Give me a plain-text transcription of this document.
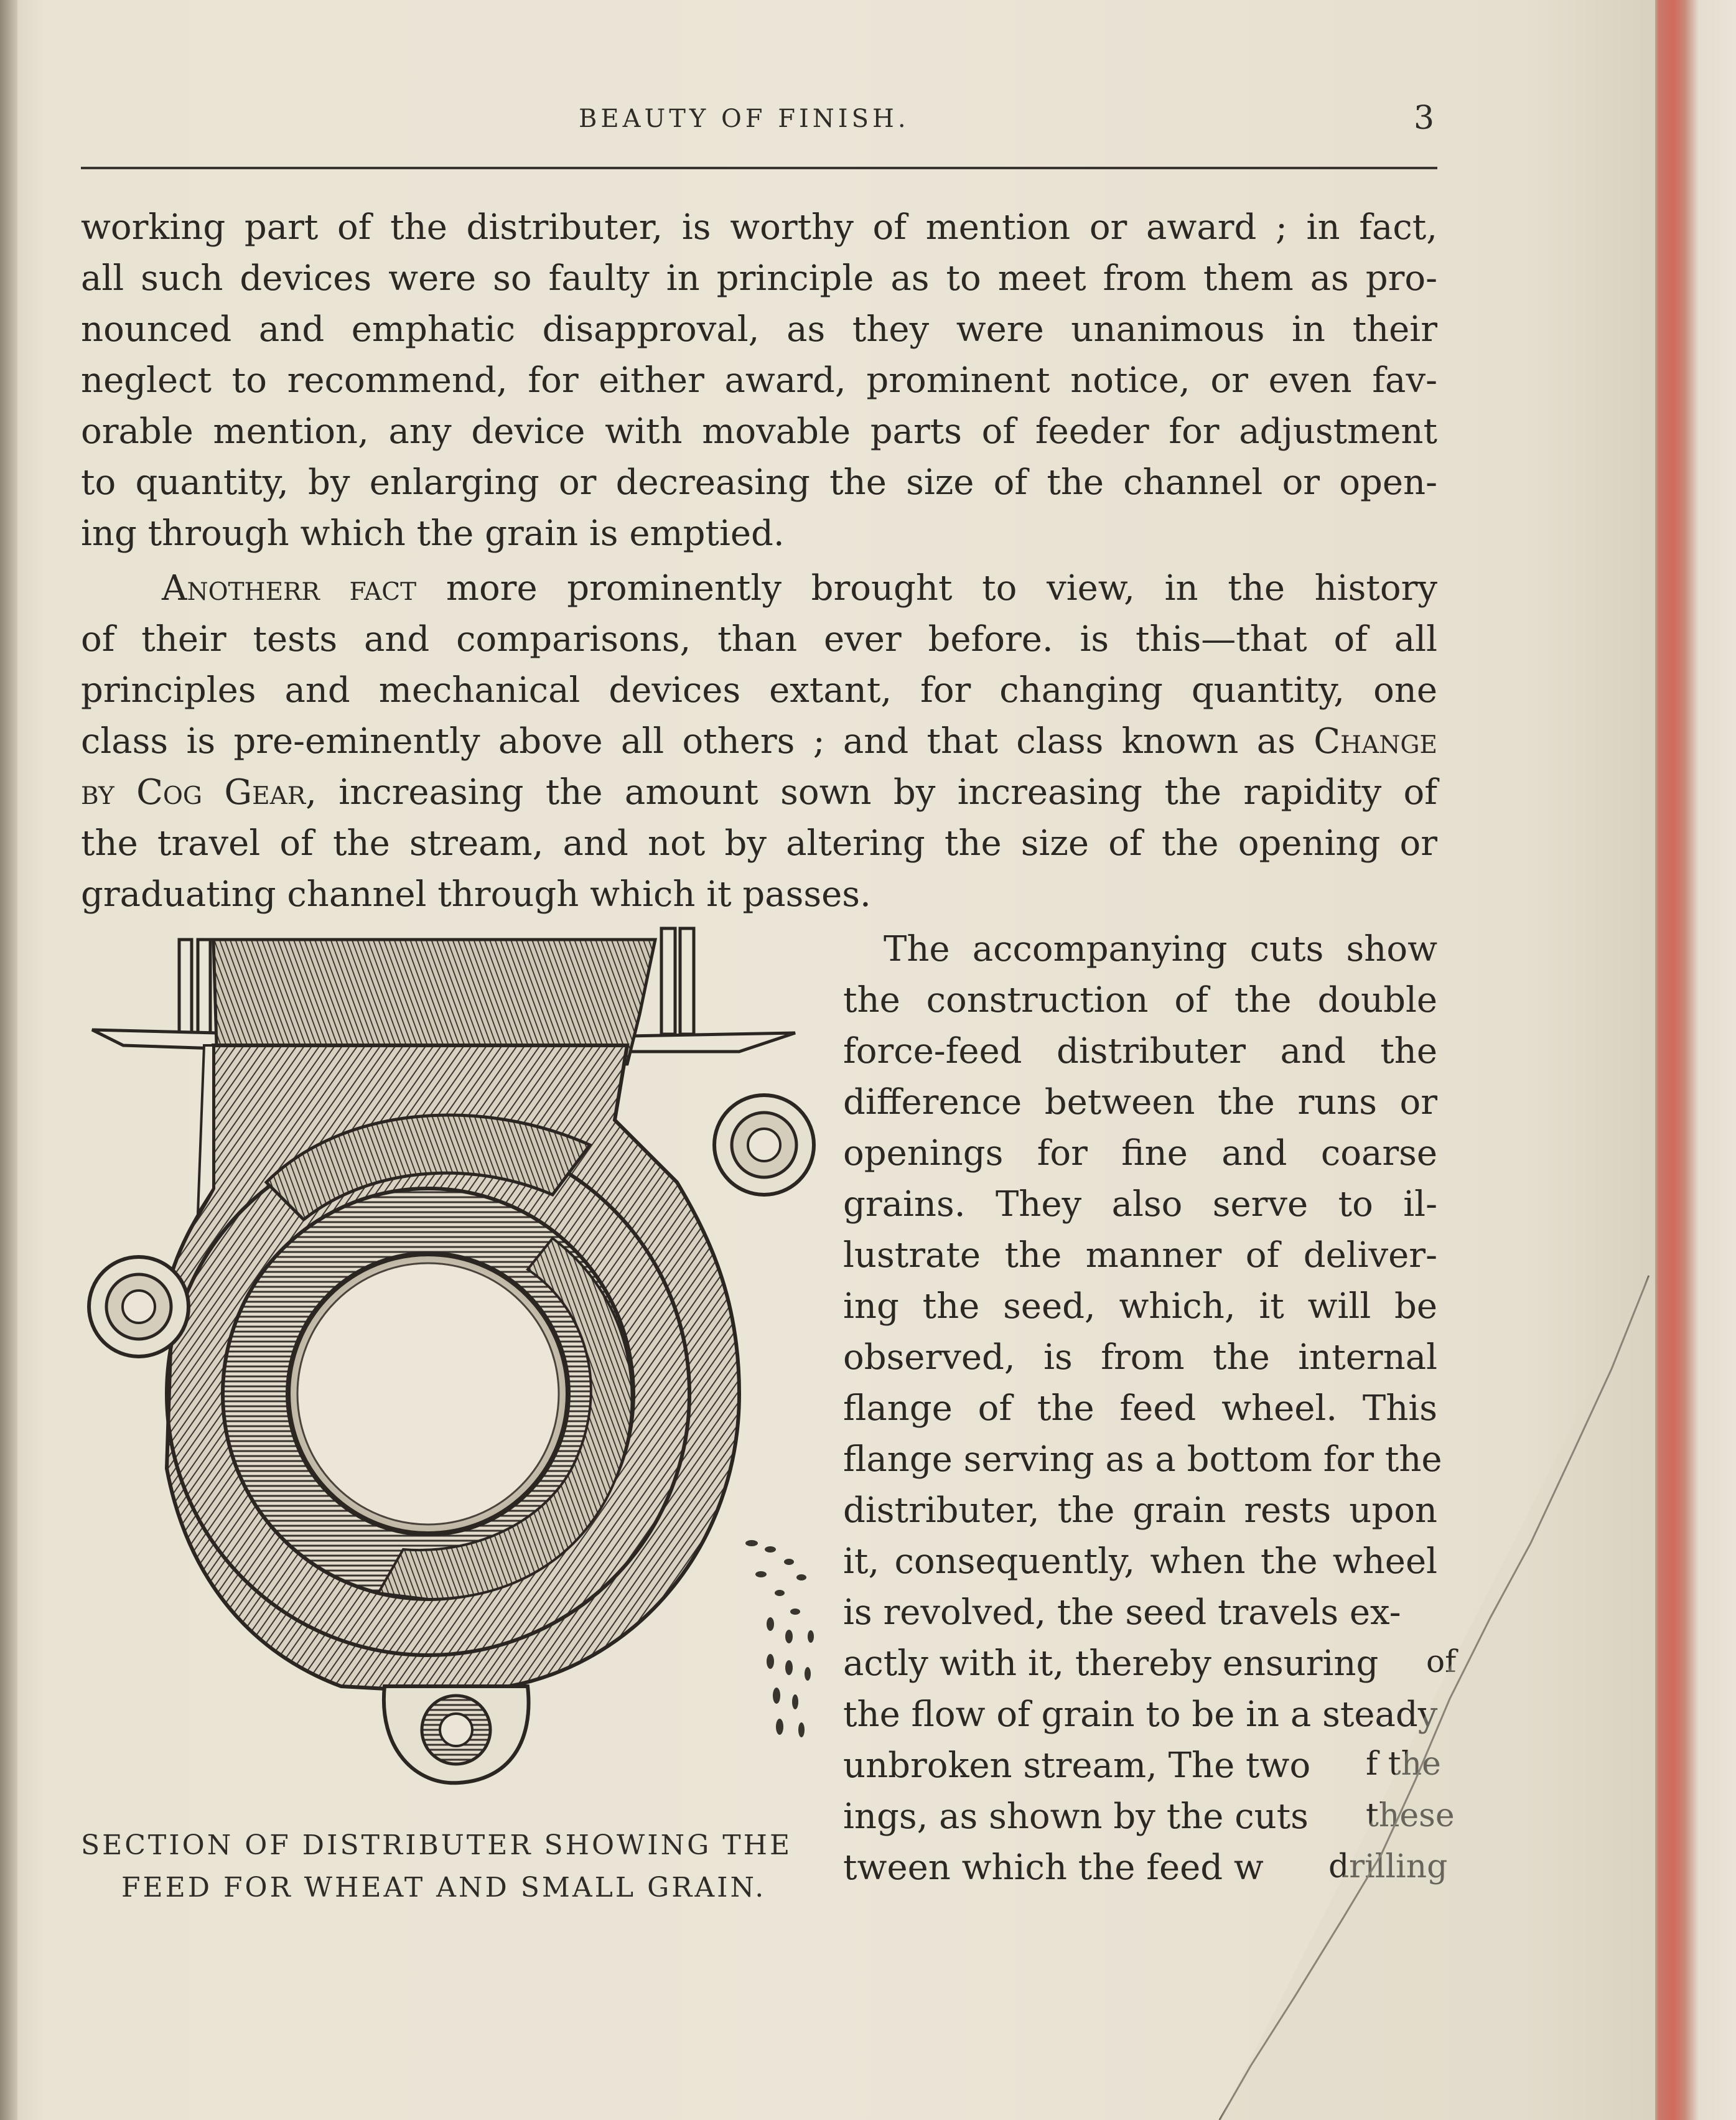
BEAUTY OF FINISH.	3
working part of the distributer, is worthy of mention or award ; in fact,
all such devices were so faulty in principle as to meet from them as pro-
nounced and emphatic disapproval, as they were unanimous in their
neglect to recommend, for either award, prominent notice, or even fav-
orable mention, any device with movable parts of feeder for adjustment
to quantity, by enlarging or decreasing the size of the channel or open-
ing through which the grain is emptied.
Anotherr fact more prominently brought to view, in the history
of their tests and comparisons, than ever before. is this—that of all
principles and mechanical devices extant, for changing quantity, one
class is pre-eminently above all others ; and that class known as Change
by Cog Gear, increasing the amount sown by increasing the rapidity of
the travel of the stream, and not by altering the size of the opening or
graduating channel through which it passes.
The accompanying cuts show
the construction of the double
force-feed distributer and the
difference between the runs or
openings for fine and coarse
grains. They also serve to il-
lustrate the manner of deliver-
ing the seed, which, it will be
observed, is from the internal
flange of the feed wheel. This
flange serving as a bottom for the
distributer, the grain rests upon
it, consequently, when the wheel
is revolved, the seed travels ex-
actly with it, thereby ensuring
the flow of grain to be in a steady
unbroken stream, The two
ings, as shown by the cuts
tween which the feed w
of
f the
these
drilling
SECTION OF DISTRIBUTER SHOWING THE
FEED FOR WHEAT AND SMALL GRAIN.
